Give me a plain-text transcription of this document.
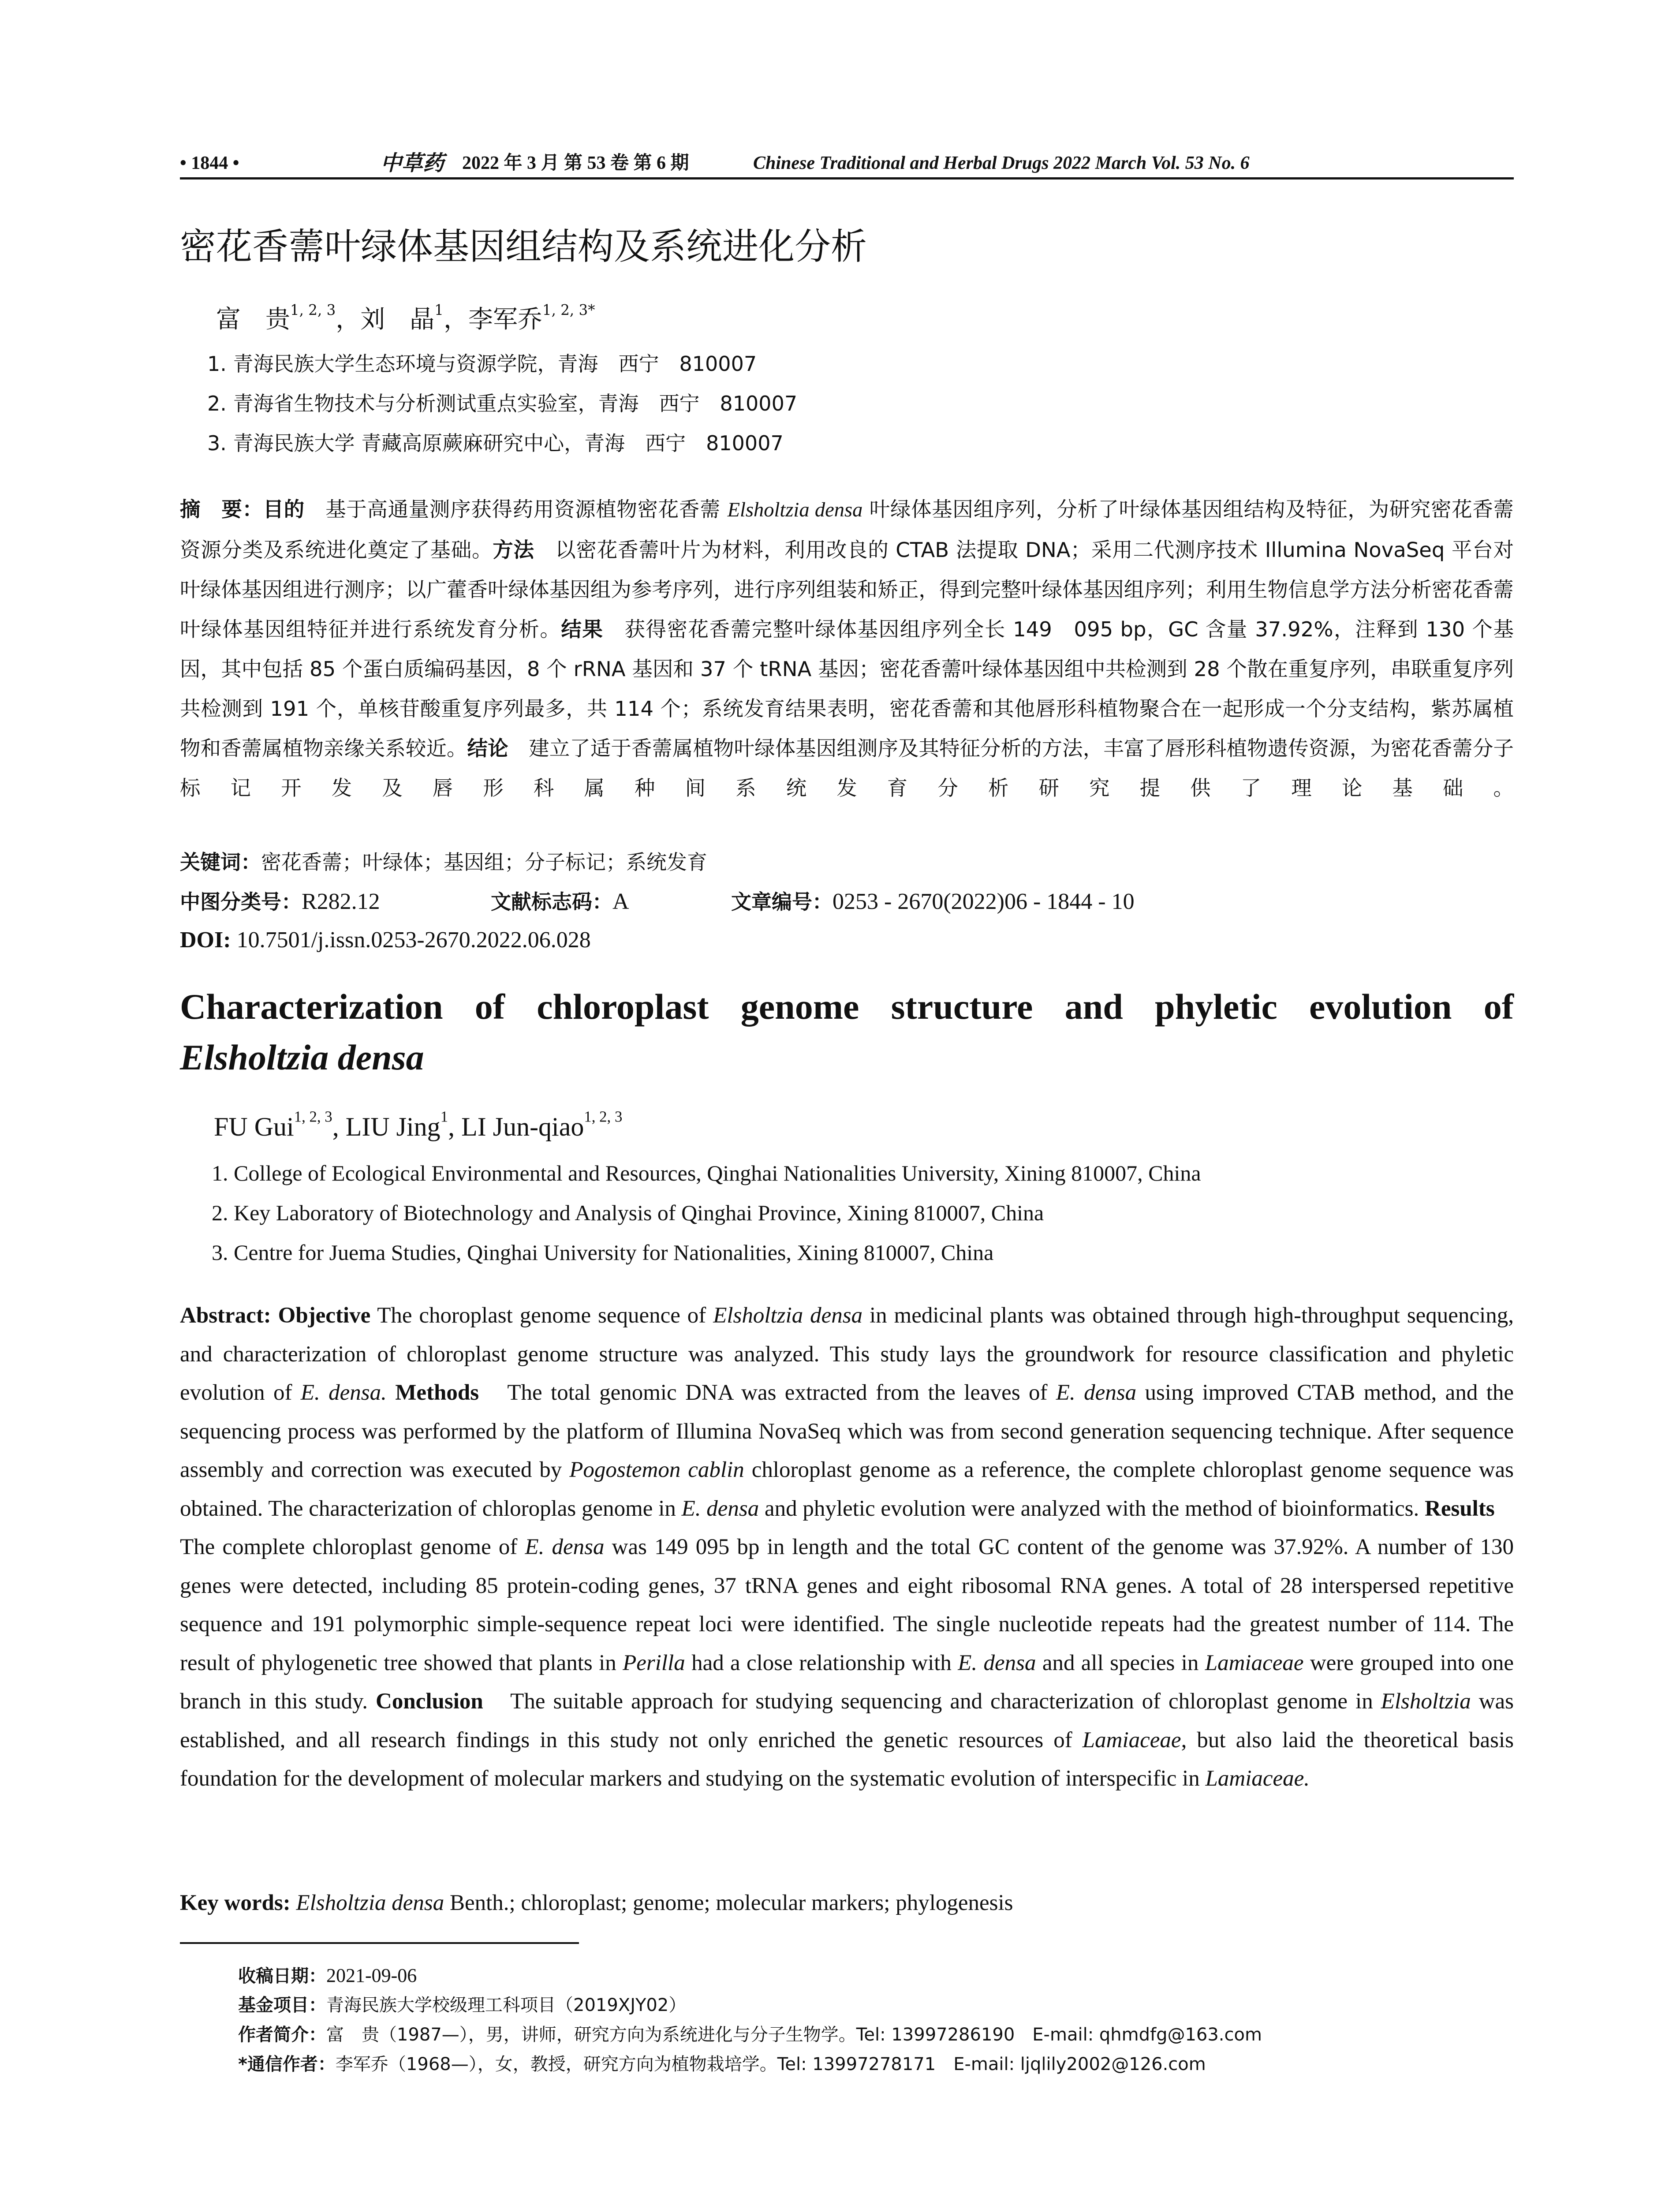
• 1844 •	中草药 2022 年 3 月 第 53 卷 第 6 期	Chinese Traditional and Herbal Drugs 2022 March Vol. 53 No. 6
密花香薷叶绿体基因组结构及系统进化分析
富　贵$^{1, 2, 3}$，刘　晶$^1$，李军乔$^{1, 2, 3*}$
1. 青海民族大学生态环境与资源学院，青海　西宁　810007
2. 青海省生物技术与分析测试重点实验室，青海　西宁　810007
3. 青海民族大学 青藏高原蕨麻研究中心，青海　西宁　810007
摘　要：目的　基于高通量测序获得药用资源植物密花香薷 Elsholtzia densa 叶绿体基因组序列，分析了叶绿体基因组结构及特征，为研究密花香薷资源分类及系统进化奠定了基础。方法　以密花香薷叶片为材料，利用改良的 CTAB 法提取 DNA；采用二代测序技术 Illumina NovaSeq 平台对叶绿体基因组进行测序；以广藿香叶绿体基因组为参考序列，进行序列组装和矫正，得到完整叶绿体基因组序列；利用生物信息学方法分析密花香薷叶绿体基因组特征并进行系统发育分析。结果　获得密花香薷完整叶绿体基因组序列全长 149　095 bp，GC 含量 37.92%，注释到 130 个基因，其中包括 85 个蛋白质编码基因，8 个 rRNA 基因和 37 个 tRNA 基因；密花香薷叶绿体基因组中共检测到 28 个散在重复序列，串联重复序列共检测到 191 个，单核苷酸重复序列最多，共 114 个；系统发育结果表明，密花香薷和其他唇形科植物聚合在一起形成一个分支结构，紫苏属植物和香薷属植物亲缘关系较近。结论　建立了适于香薷属植物叶绿体基因组测序及其特征分析的方法，丰富了唇形科植物遗传资源，为密花香薷分子标记开发及唇形科属种间系统发育分析研究提供了理论基础。
关键词：密花香薷；叶绿体；基因组；分子标记；系统发育
中图分类号：R282.12	文献标志码：A	文章编号：0253 - 2670(2022)06 - 1844 - 10
DOI: 10.7501/j.issn.0253-2670.2022.06.028
Characterization of chloroplast genome structure and phyletic evolution of
Elsholtzia densa
FU Gui$^{1, 2, 3}$, LIU Jing$^1$, LI Jun-qiao$^{1, 2, 3}$
1. College of Ecological Environmental and Resources, Qinghai Nationalities University, Xining 810007, China
2. Key Laboratory of Biotechnology and Analysis of Qinghai Province, Xining 810007, China
3. Centre for Juema Studies, Qinghai University for Nationalities, Xining 810007, China
Abstract: Objective The choroplast genome sequence of Elsholtzia densa in medicinal plants was obtained through high-throughput sequencing, and characterization of chloroplast genome structure was analyzed. This study lays the groundwork for resource classification and phyletic evolution of E. densa. Methods　The total genomic DNA was extracted from the leaves of E. densa using improved CTAB method, and the sequencing process was performed by the platform of Illumina NovaSeq which was from second generation sequencing technique. After sequence assembly and correction was executed by Pogostemon cablin chloroplast genome as a reference, the complete chloroplast genome sequence was obtained. The characterization of chloroplas genome in E. densa and phyletic evolution were analyzed with the method of bioinformatics. Results　The complete chloroplast genome of E. densa was 149 095 bp in length and the total GC content of the genome was 37.92%. A number of 130 genes were detected, including 85 protein-coding genes, 37 tRNA genes and eight ribosomal RNA genes. A total of 28 interspersed repetitive sequence and 191 polymorphic simple-sequence repeat loci were identified. The single nucleotide repeats had the greatest number of 114. The result of phylogenetic tree showed that plants in Perilla had a close relationship with E. densa and all species in Lamiaceae were grouped into one branch in this study. Conclusion　The suitable approach for studying sequencing and characterization of chloroplast genome in Elsholtzia was established, and all research findings in this study not only enriched the genetic resources of Lamiaceae, but also laid the theoretical basis foundation for the development of molecular markers and studying on the systematic evolution of interspecific in Lamiaceae.
Key words: Elsholtzia densa Benth.; chloroplast; genome; molecular markers; phylogenesis
收稿日期：2021-09-06
基金项目：青海民族大学校级理工科项目（2019XJY02）
作者简介：富　贵（1987—），男，讲师，研究方向为系统进化与分子生物学。Tel: 13997286190　E-mail: qhmdfg@163.com
*通信作者：李军乔（1968—），女，教授，研究方向为植物栽培学。Tel: 13997278171　E-mail: ljqlily2002@126.com
